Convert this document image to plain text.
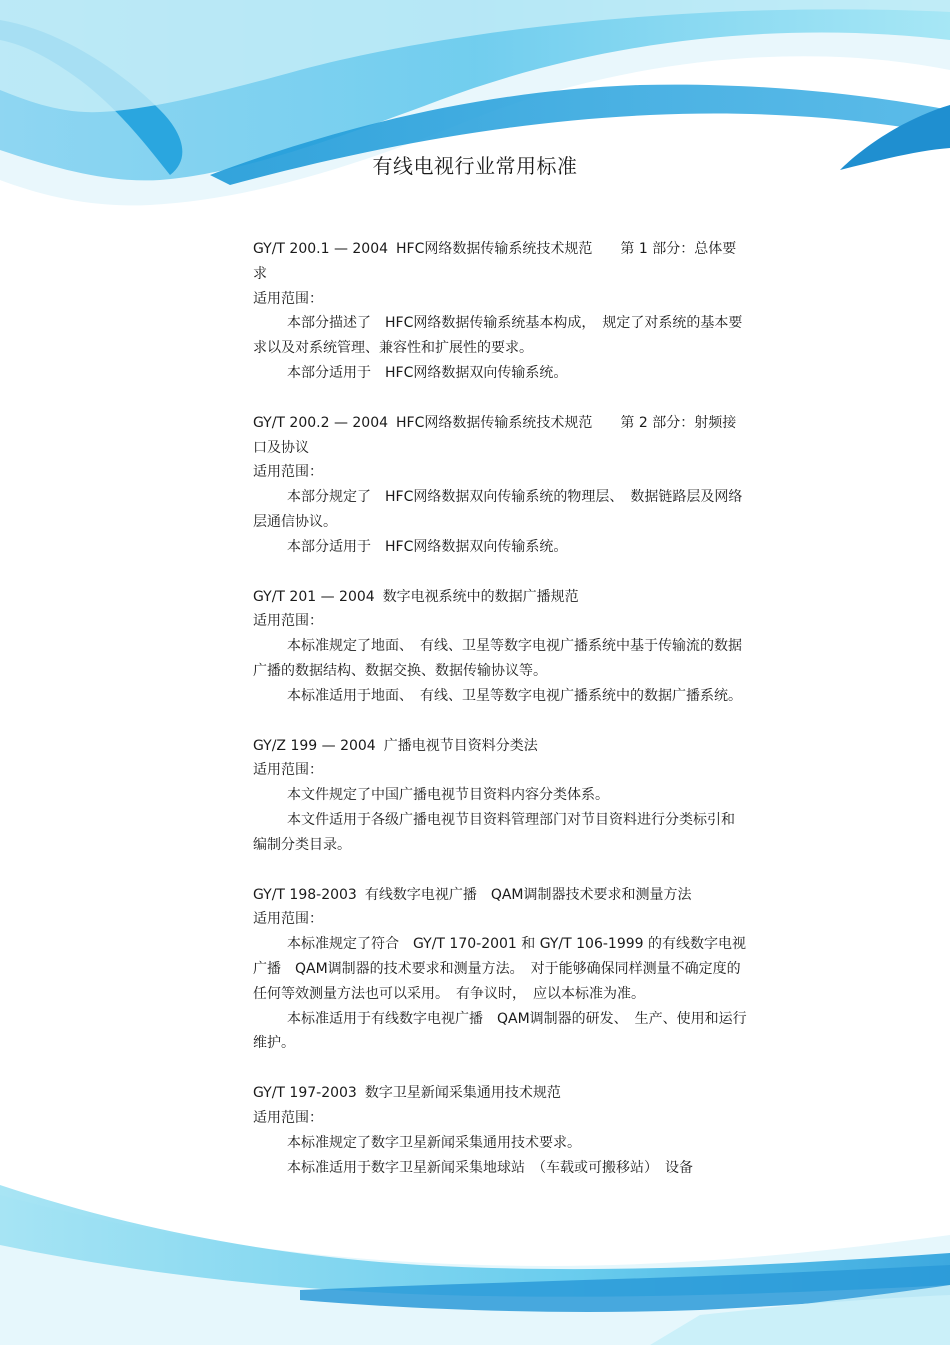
有线电视行业常用标准

GY/T 200.1 — 2004 HFC网络数据传输系统技术规范　　第 1 部分：总体要求

适用范围：

本部分描述了　HFC网络数据传输系统基本构成，　规定了对系统的基本要求以及对系统管理、兼容性和扩展性的要求。

本部分适用于　HFC网络数据双向传输系统。

GY/T 200.2 — 2004 HFC网络数据传输系统技术规范　　第 2 部分：射频接口及协议

适用范围：

本部分规定了　HFC网络数据双向传输系统的物理层、　数据链路层及网络层通信协议。

本部分适用于　HFC网络数据双向传输系统。

GY/T 201 — 2004 数字电视系统中的数据广播规范

适用范围：

本标准规定了地面、　有线、卫星等数字电视广播系统中基于传输流的数据广播的数据结构、数据交换、数据传输协议等。

本标准适用于地面、　有线、卫星等数字电视广播系统中的数据广播系统。

GY/Z 199 — 2004 广播电视节目资料分类法

适用范围：

本文件规定了中国广播电视节目资料内容分类体系。

本文件适用于各级广播电视节目资料管理部门对节目资料进行分类标引和编制分类目录。

GY/T 198-2003 有线数字电视广播　QAM调制器技术要求和测量方法

适用范围：

本标准规定了符合　GY/T 170-2001 和 GY/T 106-1999 的有线数字电视广播　QAM调制器的技术要求和测量方法。　对于能够确保同样测量不确定度的任何等效测量方法也可以采用。　有争议时，　应以本标准为准。

本标准适用于有线数字电视广播　QAM调制器的研发、　生产、使用和运行维护。

GY/T 197-2003 数字卫星新闻采集通用技术规范

适用范围：

本标准规定了数字卫星新闻采集通用技术要求。

本标准适用于数字卫星新闻采集地球站　（车载或可搬移站）　设备
